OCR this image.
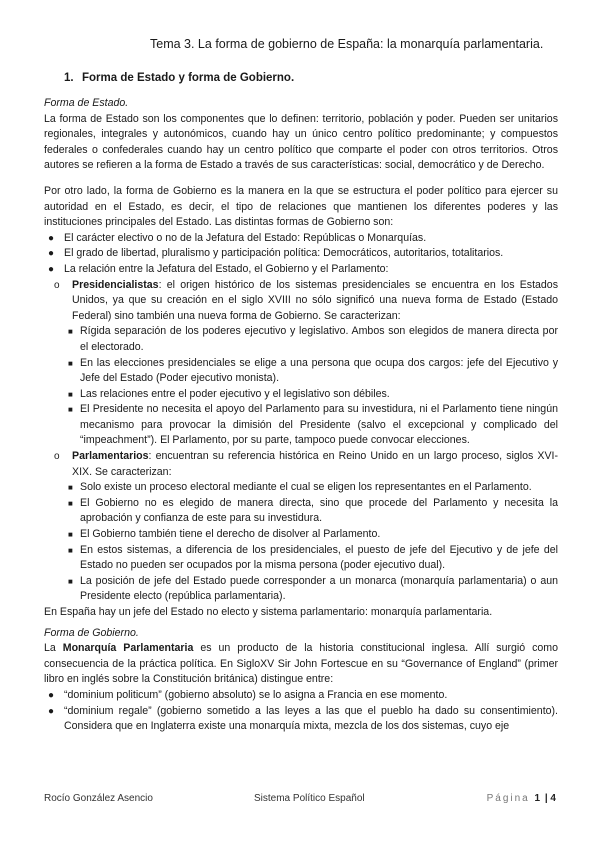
Tema 3. La forma de gobierno de España: la monarquía parlamentaria.
1. Forma de Estado y forma de Gobierno.

Forma de Estado.

La forma de Estado son los componentes que lo definen: territorio, población y poder. Pueden ser unitarios regionales, integrales y autonómicos, cuando hay un único centro político predominante; y compuestos federales o confederales cuando hay un centro político que comparte el poder con otros territorios. Otros autores se refieren a la forma de Estado a través de sus características: social, democrático y de Derecho.

Por otro lado, la forma de Gobierno es la manera en la que se estructura el poder político para ejercer su autoridad en el Estado, es decir, el tipo de relaciones que mantienen los diferentes poderes y las instituciones principales del Estado. Las distintas formas de Gobierno son:

● El carácter electivo o no de la Jefatura del Estado: Repúblicas o Monarquías.
● El grado de libertad, pluralismo y participación política: Democráticos, autoritarios, totalitarios.
● La relación entre la Jefatura del Estado, el Gobierno y el Parlamento:
o Presidencialistas: el origen histórico de los sistemas presidenciales se encuentra en los Estados Unidos, ya que su creación en el siglo XVIII no sólo significó una nueva forma de Estado (Estado Federal) sino también una nueva forma de Gobierno. Se caracterizan:
■ Rígida separación de los poderes ejecutivo y legislativo. Ambos son elegidos de manera directa por el electorado.
■ En las elecciones presidenciales se elige a una persona que ocupa dos cargos: jefe del Ejecutivo y Jefe del Estado (Poder ejecutivo monista).
■ Las relaciones entre el poder ejecutivo y el legislativo son débiles.
■ El Presidente no necesita el apoyo del Parlamento para su investidura, ni el Parlamento tiene ningún mecanismo para provocar la dimisión del Presidente (salvo el excepcional y complicado del “impeachment”). El Parlamento, por su parte, tampoco puede convocar elecciones.
o Parlamentarios: encuentran su referencia histórica en Reino Unido en un largo proceso, siglos XVI-XIX. Se caracterizan:
■ Solo existe un proceso electoral mediante el cual se eligen los representantes en el Parlamento.
■ El Gobierno no es elegido de manera directa, sino que procede del Parlamento y necesita la aprobación y confianza de este para su investidura.
■ El Gobierno también tiene el derecho de disolver al Parlamento.
■ En estos sistemas, a diferencia de los presidenciales, el puesto de jefe del Ejecutivo y de jefe del Estado no pueden ser ocupados por la misma persona (poder ejecutivo dual).
■ La posición de jefe del Estado puede corresponder a un monarca (monarquía parlamentaria) o aun Presidente electo (república parlamentaria).

En España hay un jefe del Estado no electo y sistema parlamentario: monarquía parlamentaria.

Forma de Gobierno.

La Monarquía Parlamentaria es un producto de la historia constitucional inglesa. Allí surgió como consecuencia de la práctica política. En SigloXV Sir John Fortescue en su “Governance of England” (primer libro en inglés sobre la Constitución británica) distingue entre:

● “dominium politicum” (gobierno absoluto) se lo asigna a Francia en ese momento.
● “dominium regale” (gobierno sometido a las leyes a las que el pueblo ha dado su consentimiento). Considera que en Inglaterra existe una monarquía mixta, mezcla de los dos sistemas, cuyo eje
Rocío González Asencio	Sistema Político Español	Página 1 | 4
